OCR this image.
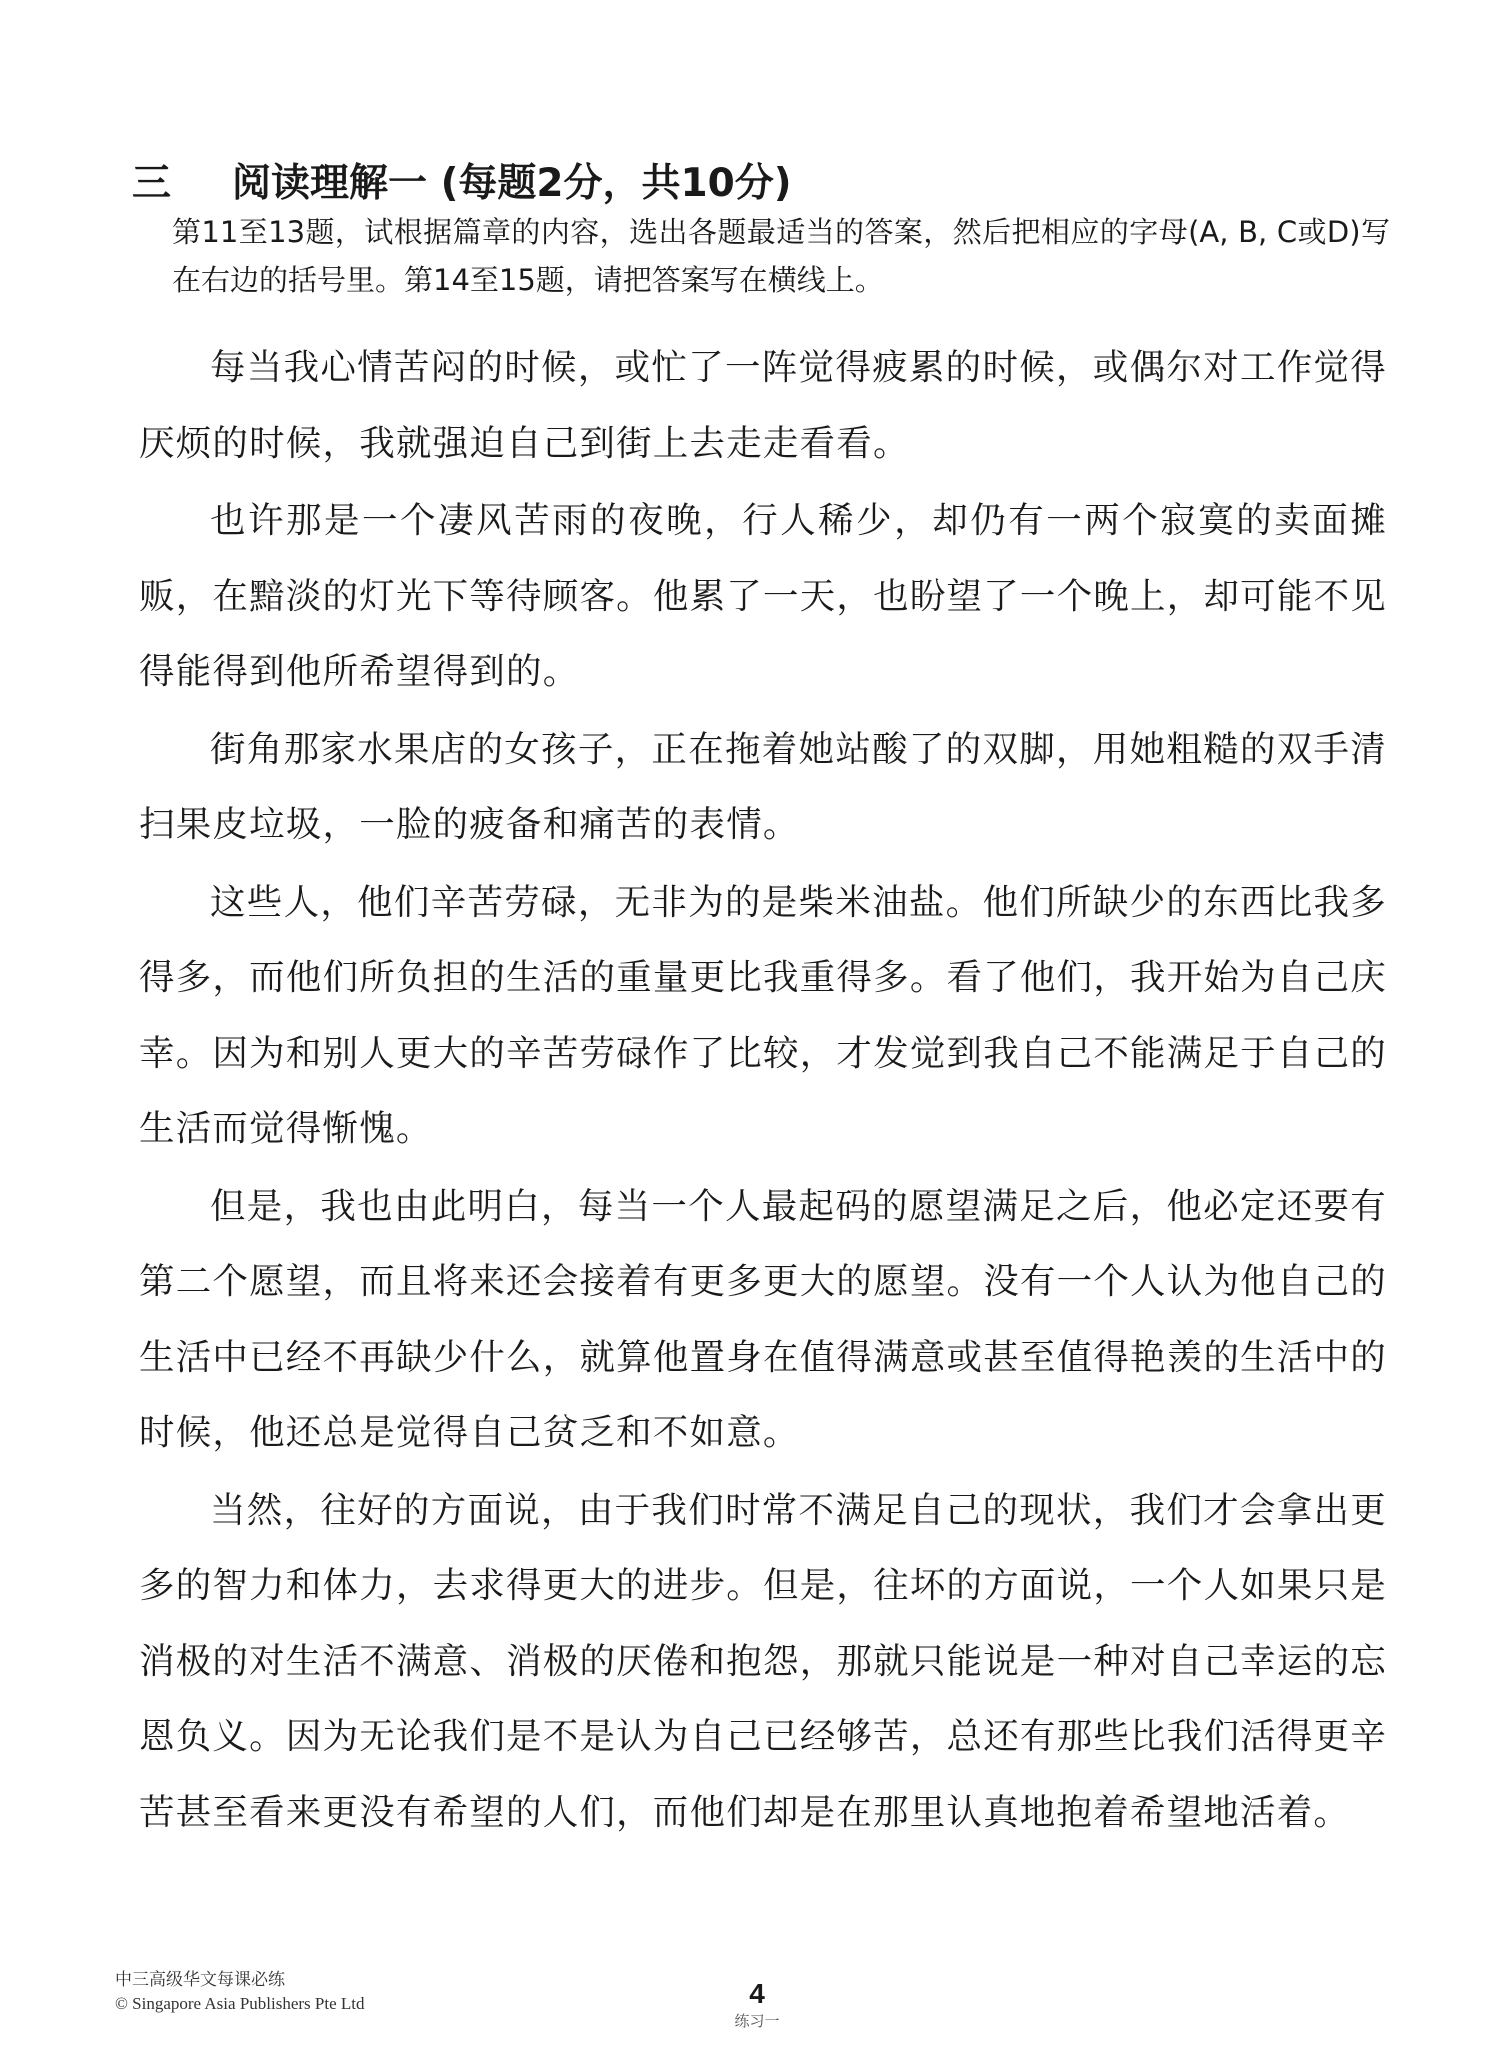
三 阅读理解一 (每题2分，共10分)
第11至13题，试根据篇章的内容，选出各题最适当的答案，然后把相应的字母(A, B, C或D)写在右边的括号里。第14至15题，请把答案写在横线上。

每当我心情苦闷的时候，或忙了一阵觉得疲累的时候，或偶尔对工作觉得厌烦的时候，我就强迫自己到街上去走走看看。

也许那是一个凄风苦雨的夜晚，行人稀少，却仍有一两个寂寞的卖面摊贩，在黯淡的灯光下等待顾客。他累了一天，也盼望了一个晚上，却可能不见得能得到他所希望得到的。

街角那家水果店的女孩子，正在拖着她站酸了的双脚，用她粗糙的双手清扫果皮垃圾，一脸的疲备和痛苦的表情。

这些人，他们辛苦劳碌，无非为的是柴米油盐。他们所缺少的东西比我多得多，而他们所负担的生活的重量更比我重得多。看了他们，我开始为自己庆幸。因为和别人更大的辛苦劳碌作了比较，才发觉到我自己不能满足于自己的生活而觉得惭愧。

但是，我也由此明白，每当一个人最起码的愿望满足之后，他必定还要有第二个愿望，而且将来还会接着有更多更大的愿望。没有一个人认为他自己的生活中已经不再缺少什么，就算他置身在值得满意或甚至值得艳羡的生活中的时候，他还总是觉得自己贫乏和不如意。

当然，往好的方面说，由于我们时常不满足自己的现状，我们才会拿出更多的智力和体力，去求得更大的进步。但是，往坏的方面说，一个人如果只是消极的对生活不满意、消极的厌倦和抱怨，那就只能说是一种对自己幸运的忘恩负义。因为无论我们是不是认为自己已经够苦，总还有那些比我们活得更辛苦甚至看来更没有希望的人们，而他们却是在那里认真地抱着希望地活着。

中三高级华文每课必练
© Singapore Asia Publishers Pte Ltd	4
练习一
